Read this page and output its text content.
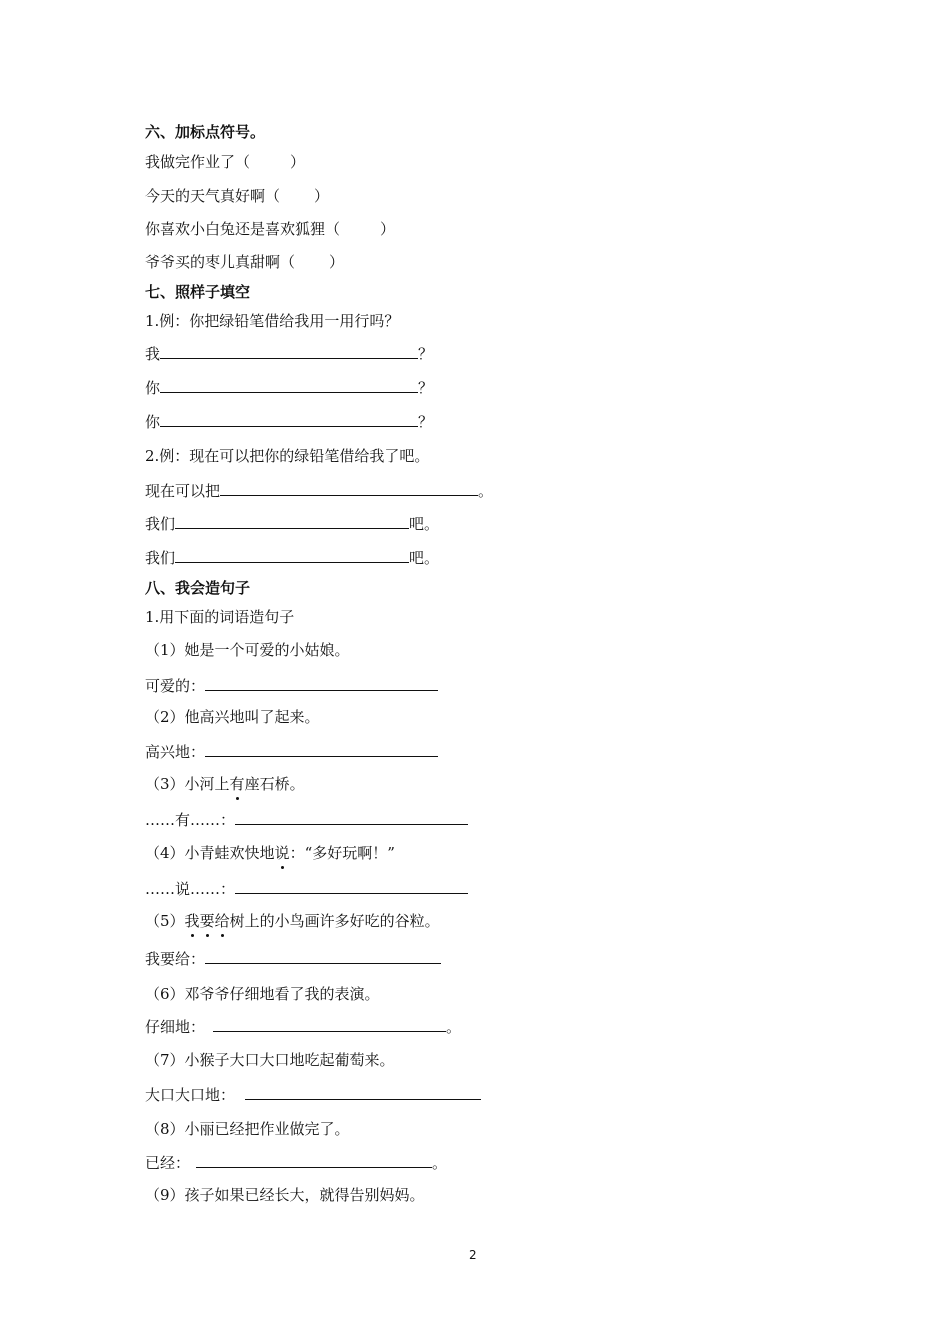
六、加标点符号。
我做完作业了（	）
今天的天气真好啊（ ）
你喜欢小白兔还是喜欢狐狸（	）
爷爷买的枣儿真甜啊（ ）
七、照样子填空
1.例：你把绿铅笔借给我用一用行吗？
我	？
你	？
你	？
2.例：现在可以把你的绿铅笔借给我了吧。
现在可以把	。
我们	吧。
我们	吧。
八、我会造句子
1.用下面的词语造句子
（1）她是一个可爱的小姑娘。
可爱的：
（2）他高兴地叫了起来。
高兴地：
（3）小河上有座石桥。
……有……：
（4）小青蛙欢快地说：“多好玩啊！”
……说……：
（5）我要给树上的小鸟画许多好吃的谷粒。
我要给：
（6）邓爷爷仔细地看了我的表演。
仔细地：	。
（7）小猴子大口大口地吃起葡萄来。
大口大口地：
（8）小丽已经把作业做完了。
已经：	。
（9）孩子如果已经长大，就得告别妈妈。
2
